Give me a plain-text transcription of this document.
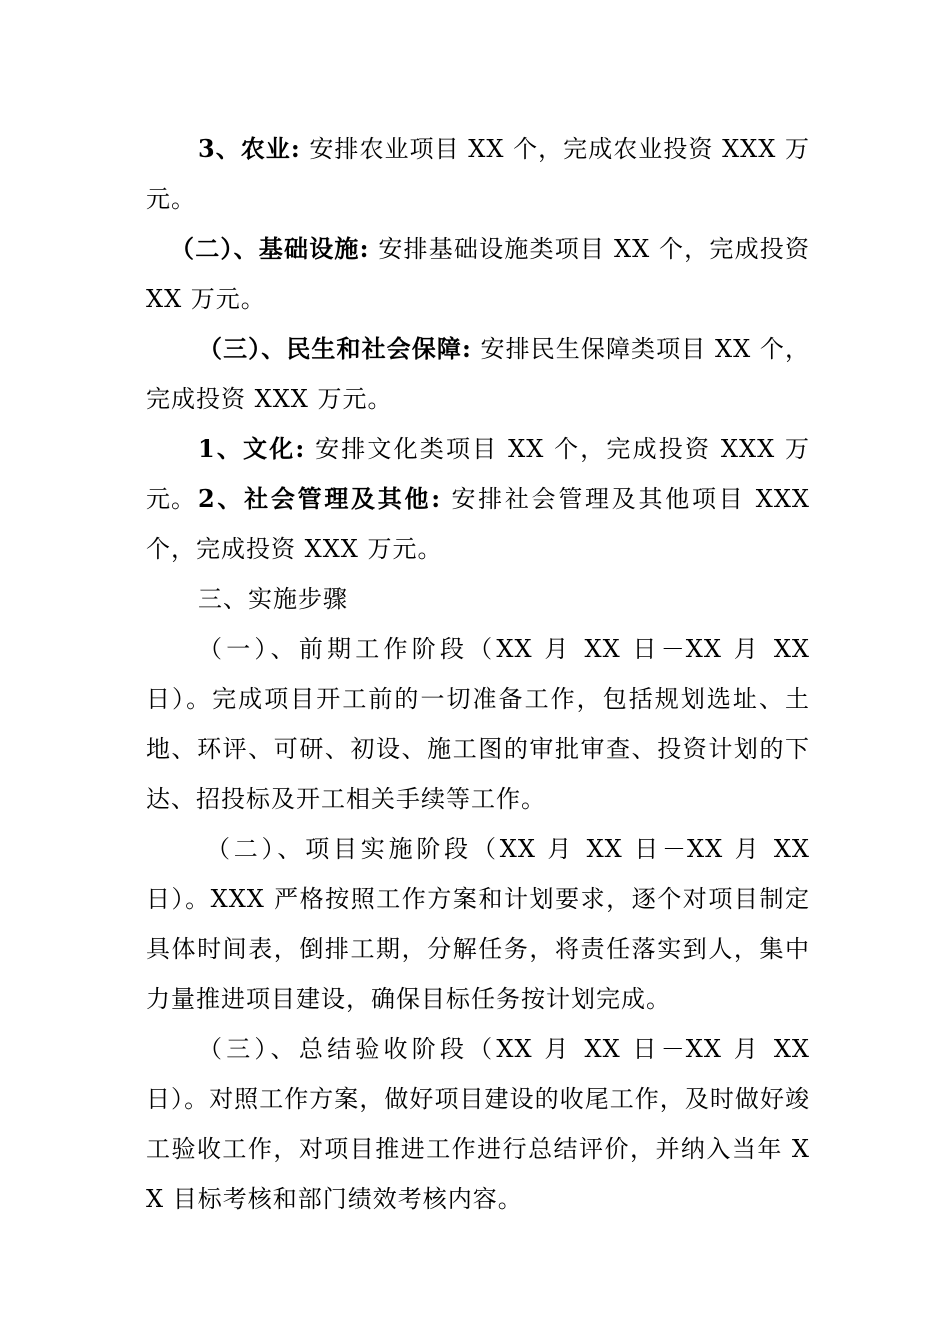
3、农业: 安排农业项目 XX 个，完成农业投资 XXX 万元。

（二）、基础设施: 安排基础设施类项目 XX 个，完成投资 XX 万元。

（三）、民生和社会保障: 安排民生保障类项目 XX 个，完成投资 XXX 万元。

1、文化: 安排文化类项目 XX 个，完成投资 XXX 万元。 2、社会管理及其他: 安排社会管理及其他项目 XXX 个，完成投资 XXX 万元。

三、实施步骤

（一）、前期工作阶段（XX 月 XX 日－XX 月 XX 日）。完成项目开工前的一切准备工作，包括规划选址、土地、环评、可研、初设、施工图的审批审查、投资计划的下达、招投标及开工相关手续等工作。

（二）、项目实施阶段（XX 月 XX 日－XX 月 XX 日）。XXX 严格按照工作方案和计划要求，逐个对项目制定具体时间表，倒排工期，分解任务，将责任落实到人，集中力量推进项目建设，确保目标任务按计划完成。

（三）、总结验收阶段（XX 月 XX 日－XX 月 XX 日）。对照工作方案，做好项目建设的收尾工作，及时做好竣工验收工作，对项目推进工作进行总结评价，并纳入当年 XX 目标考核和部门绩效考核内容。
